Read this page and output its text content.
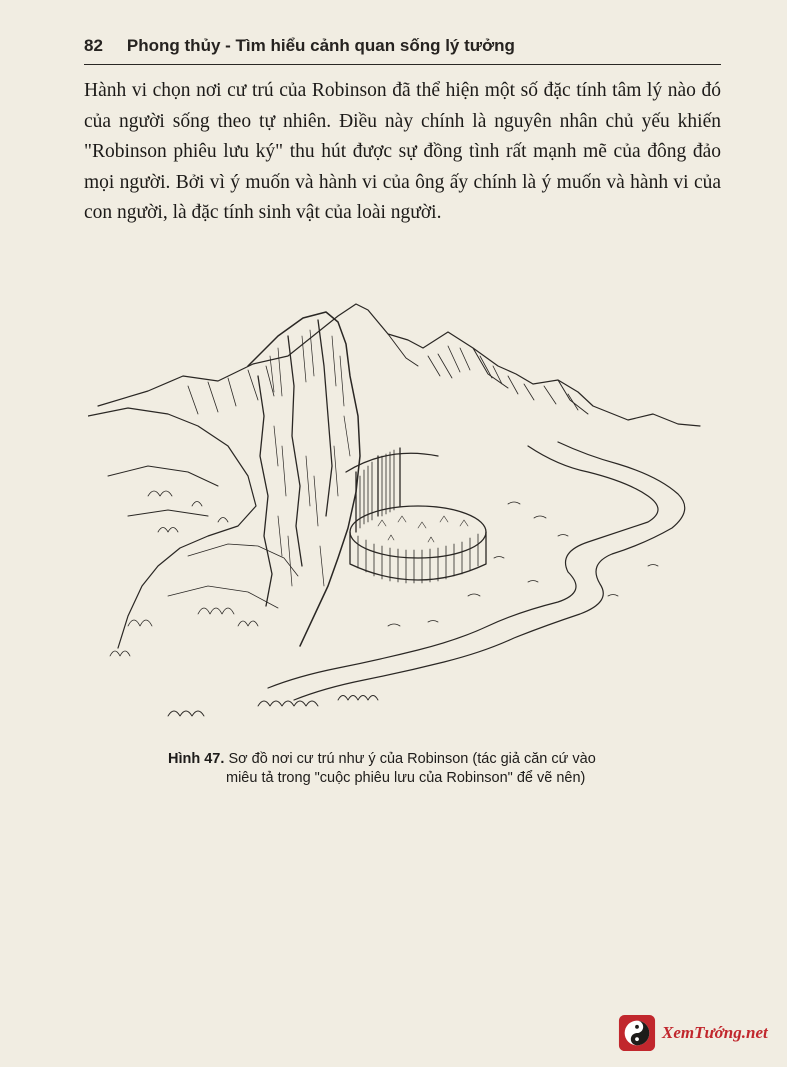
82 Phong thủy - Tìm hiểu cảnh quan sống lý tưởng

Hành vi chọn nơi cư trú của Robinson đã thể hiện một số đặc tính tâm lý nào đó của người sống theo tự nhiên. Điều này chính là nguyên nhân chủ yếu khiến "Robinson phiêu lưu ký" thu hút được sự đồng tình rất mạnh mẽ của đông đảo mọi người. Bởi vì ý muốn và hành vi của ông ấy chính là ý muốn và hành vi của con người, là đặc tính sinh vật của loài người.

Hình 47. Sơ đồ nơi cư trú như ý của Robinson (tác giả căn cứ vào
miêu tả trong "cuộc phiêu lưu của Robinson" để vẽ nên)
XemTướng.net
